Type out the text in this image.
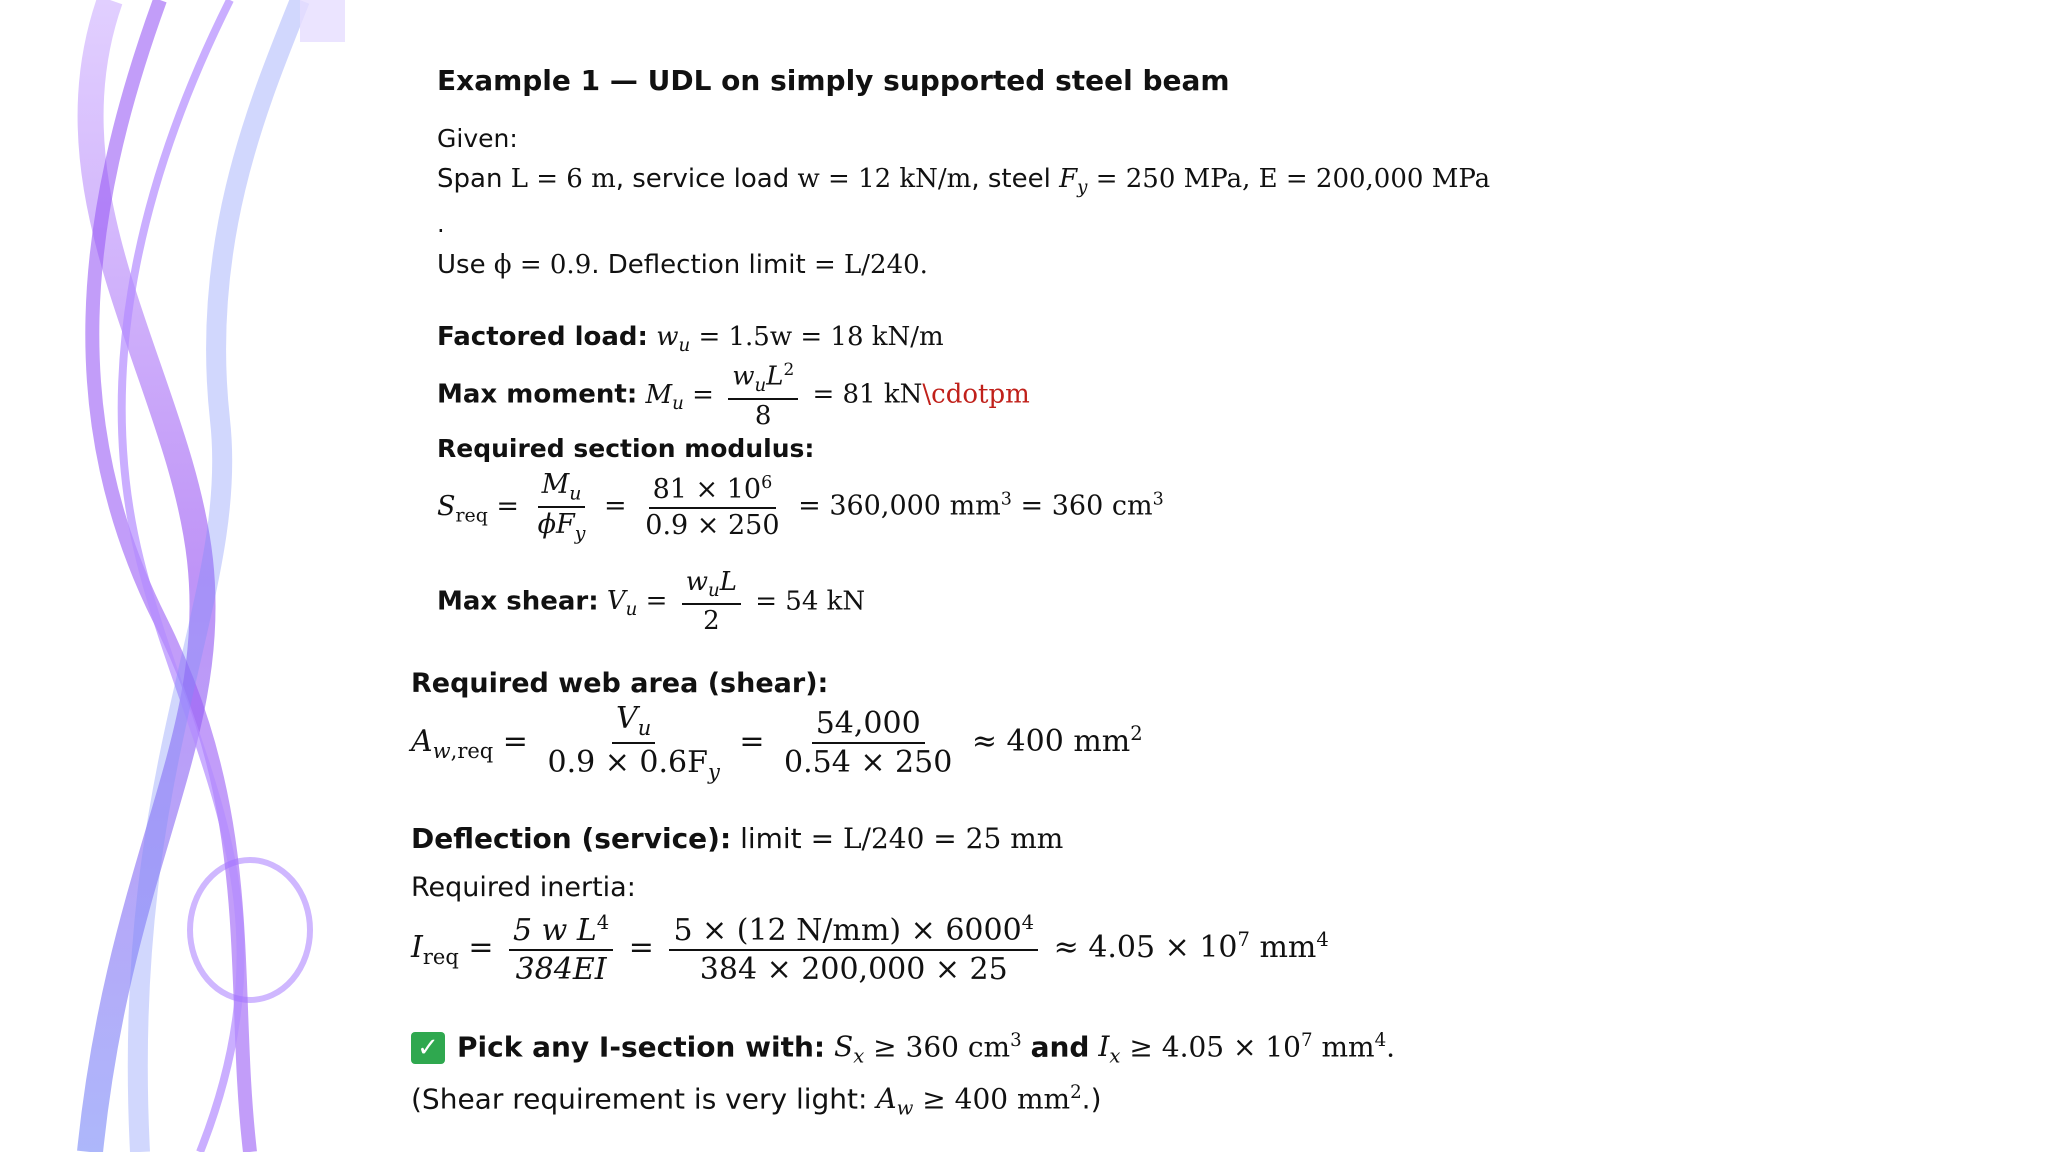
Example 1 — UDL on simply supported steel beam
Given:
Span L = 6 m, service load w = 12 kN/m, steel $F_y = 250$ MPa, E = 200,000 MPa
.
Use ϕ = 0.9. Deflection limit = L/240.
Factored load: $w_u = 1.5w = 18$ kN/m
Max moment: $M_u = \frac{w_uL^2}{8} = 81$ kN\cdotpm
Required section modulus:
$S_{req} = \frac{M_u}{\phi F_y} = \frac{81 \times 10^6}{0.9 \times 250} = 360,000$ $mm^3 = 360$ $cm^3$
Max shear: $V_u = \frac{w_uL}{2} = 54$ kN
Required web area (shear):
$A_{w,req} = \frac{V_u}{0.9 \times 0.6F_y} = \frac{54,000}{0.54 \times 250} \approx 400$ $mm^2$
Deflection (service): limit = L/240 = 25 mm
Required inertia:
$I_{req} = \frac{5 w L^4}{384EI} = \frac{5 \times (12 N/mm) \times 6000^4}{384 \times 200,000 \times 25} \approx 4.05 \times 10^7$ $mm^4$
✓ Pick any I-section with: $S_x \ge 360$ $cm^3$ and $I_x \ge 4.05 \times 10^7$ $mm^4$.
(Shear requirement is very light: $A_w \ge 400$ $mm^2$.)
